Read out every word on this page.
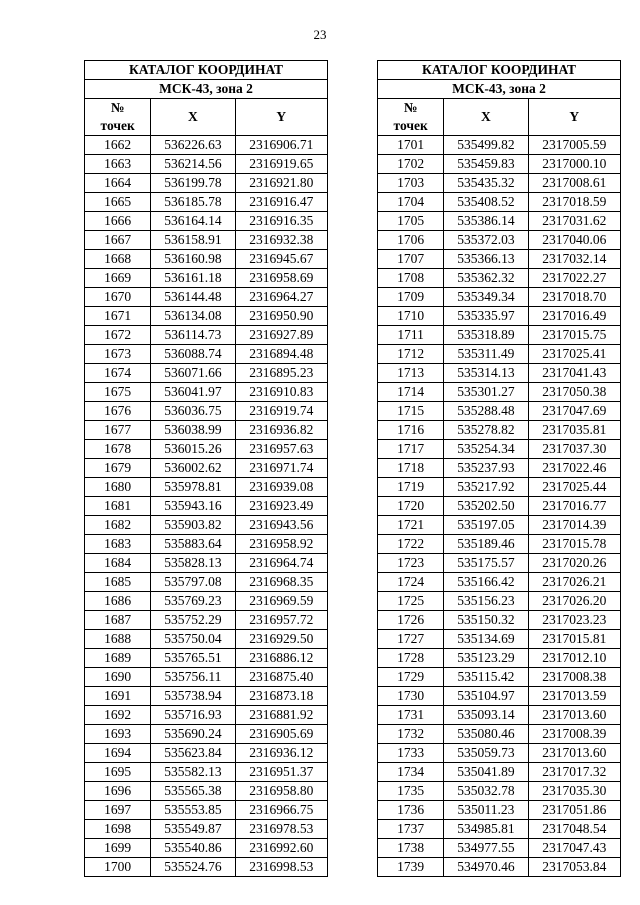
23
КАТАЛОГ КООРДИНАТ		
МСК-43, зона 2		
№
точек	X	Y
1662	536226.63	2316906.71
1663	536214.56	2316919.65
1664	536199.78	2316921.80
1665	536185.78	2316916.47
1666	536164.14	2316916.35
1667	536158.91	2316932.38
1668	536160.98	2316945.67
1669	536161.18	2316958.69
1670	536144.48	2316964.27
1671	536134.08	2316950.90
1672	536114.73	2316927.89
1673	536088.74	2316894.48
1674	536071.66	2316895.23
1675	536041.97	2316910.83
1676	536036.75	2316919.74
1677	536038.99	2316936.82
1678	536015.26	2316957.63
1679	536002.62	2316971.74
1680	535978.81	2316939.08
1681	535943.16	2316923.49
1682	535903.82	2316943.56
1683	535883.64	2316958.92
1684	535828.13	2316964.74
1685	535797.08	2316968.35
1686	535769.23	2316969.59
1687	535752.29	2316957.72
1688	535750.04	2316929.50
1689	535765.51	2316886.12
1690	535756.11	2316875.40
1691	535738.94	2316873.18
1692	535716.93	2316881.92
1693	535690.24	2316905.69
1694	535623.84	2316936.12
1695	535582.13	2316951.37
1696	535565.38	2316958.80
1697	535553.85	2316966.75
1698	535549.87	2316978.53
1699	535540.86	2316992.60
1700	535524.76	2316998.53
КАТАЛОГ КООРДИНАТ		
МСК-43, зона 2		
№
точек	X	Y
1701	535499.82	2317005.59
1702	535459.83	2317000.10
1703	535435.32	2317008.61
1704	535408.52	2317018.59
1705	535386.14	2317031.62
1706	535372.03	2317040.06
1707	535366.13	2317032.14
1708	535362.32	2317022.27
1709	535349.34	2317018.70
1710	535335.97	2317016.49
1711	535318.89	2317015.75
1712	535311.49	2317025.41
1713	535314.13	2317041.43
1714	535301.27	2317050.38
1715	535288.48	2317047.69
1716	535278.82	2317035.81
1717	535254.34	2317037.30
1718	535237.93	2317022.46
1719	535217.92	2317025.44
1720	535202.50	2317016.77
1721	535197.05	2317014.39
1722	535189.46	2317015.78
1723	535175.57	2317020.26
1724	535166.42	2317026.21
1725	535156.23	2317026.20
1726	535150.32	2317023.23
1727	535134.69	2317015.81
1728	535123.29	2317012.10
1729	535115.42	2317008.38
1730	535104.97	2317013.59
1731	535093.14	2317013.60
1732	535080.46	2317008.39
1733	535059.73	2317013.60
1734	535041.89	2317017.32
1735	535032.78	2317035.30
1736	535011.23	2317051.86
1737	534985.81	2317048.54
1738	534977.55	2317047.43
1739	534970.46	2317053.84
